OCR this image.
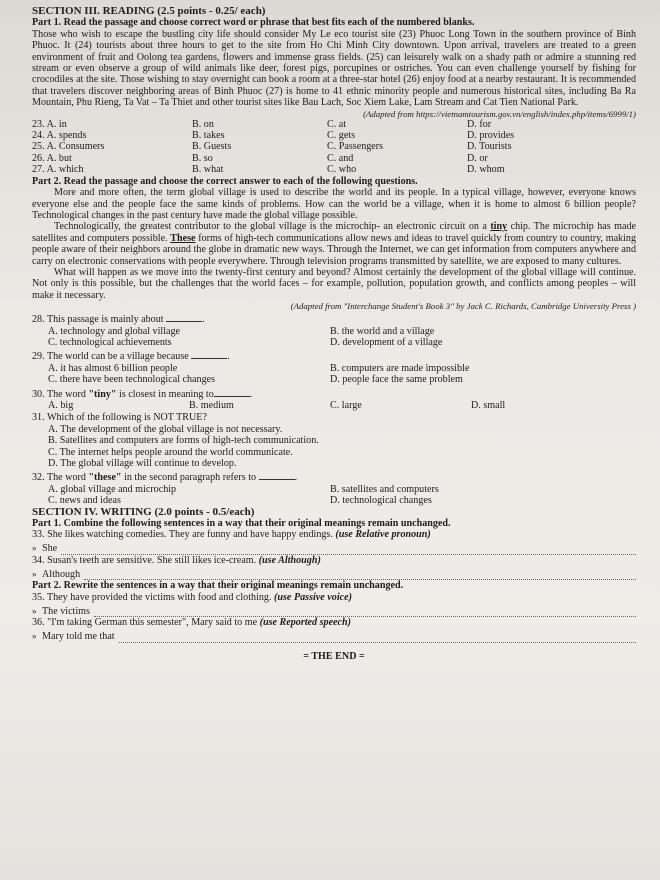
SECTION III. READING (2.5 points - 0.25/ each)
Part 1. Read the passage and choose correct word or phrase that best fits each of the numbered blanks.
Those who wish to escape the bustling city life should consider My Le eco tourist site (23) Phuoc Long Town in the southern province of Binh Phuoc. It (24) tourists about three hours to get to the site from Ho Chi Minh City downtown. Upon arrival, travelers are treated to a green environment of fruit and Oolong tea gardens, flowers and immense grass fields. (25) can leisurely walk on a shady path or admire a stunning red stream or even observe a group of wild animals like deer, forest pigs, porcupines or ostriches. You can even challenge yourself by fishing for crocodiles at the site. Those wishing to stay overnight can book a room at a three-star hotel (26) enjoy food at a nearby restaurant. It is recommended that travelers discover neighboring areas of Binh Phuoc (27) is home to 41 ethnic minority people and numerous historical sites, including Ba Ra Mountain, Phu Rieng, Ta Vat – Ta Thiet and other tourist sites like Bau Lach, Soc Xiem Lake, Lam Stream and Cat Tien National Park.
(Adapted from https://vietnamtourism.gov.vn/english/index.php/items/6999/1)
23. A. in	B. on	C. at	D. for
24. A. spends	B. takes	C. gets	D. provides
25. A. Consumers	B. Guests	C. Passengers	D. Tourists
26. A. but	B. so	C. and	D. or
27. A. which	B. what	C. who	D. whom
Part 2. Read the passage and choose the correct answer to each of the following questions.
More and more often, the term global village is used to describe the world and its people. In a typical village, however, everyone knows everyone else and the people face the same kinds of problems. How can the world be a village, when it is home to almost 6 billion people? Technological changes in the past century have made the global village possible.
Technologically, the greatest contributor to the global village is the microchip- an electronic circuit on a tiny chip. The microchip has made satellites and computers possible. These forms of high-tech communications allow news and ideas to travel quickly from country to country, making people aware of their neighbors around the globe in dramatic new ways. Through the Internet, we can get information from computers anywhere and carry on electronic conservations with people everywhere. Through television programs transmitted by satellite, we are exposed to many cultures.
What will happen as we move into the twenty-first century and beyond? Almost certainly the development of the global village will continue. Not only is this possible, but the challenges that the world faces – for example, pollution, population growth, and conflicts among peoples – will make it necessary.
(Adapted from "Interchange Student's Book 3" by Jack C. Richards, Cambridge University Press )
28. This passage is mainly about	.
A. technology and global village	B. the world and a village
C. technological achievements	D. development of a village
29. The world can be a village because	.
A. it has almost 6 billion people	B. computers are made impossible
C. there have been technological changes	D. people face the same problem
30. The word "tiny" is closest in meaning to	.
A. big	B. medium	C. large	D. small
31. Which of the following is NOT TRUE?
A. The development of the global village is not necessary.
B. Satellites and computers are forms of high-tech communication.
C. The internet helps people around the world communicate.
D. The global village will continue to develop.
32. The word "these" in the second paragraph refers to	.
A. global village and microchip	B. satellites and computers
C. news and ideas	D. technological changes
SECTION IV. WRITING (2.0 points - 0.5/each)
Part 1. Combine the following sentences in a way that their original meanings remain unchanged.
33. She likes watching comedies. They are funny and have happy endings. (use Relative pronoun)
» She
34. Susan's teeth are sensitive. She still likes ice-cream. (use Although)
» Although
Part 2. Rewrite the sentences in a way that their original meanings remain unchanged.
35. They have provided the victims with food and clothing. (use Passive voice)
» The victims
36. "I'm taking German this semester", Mary said to me (use Reported speech)
» Mary told me that
= THE END =
